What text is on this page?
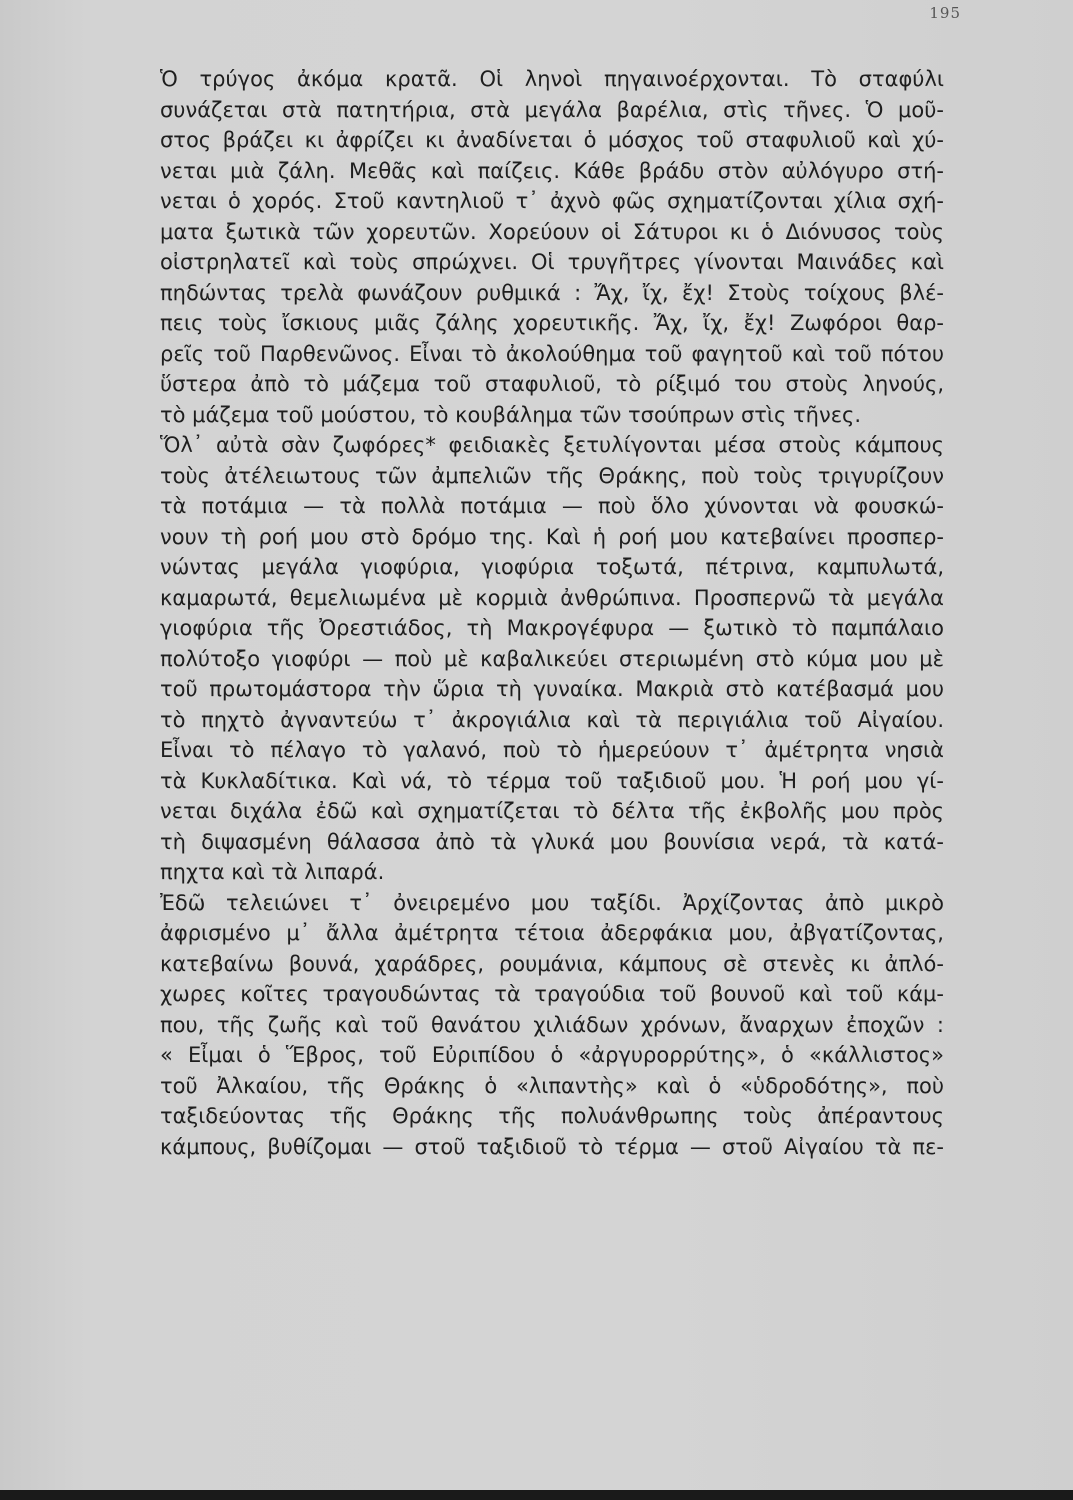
195

Ὁ τρύγος ἀκόμα κρατᾶ. Οἱ ληνοὶ πηγαινοέρχονται. Τὸ σταφύλι
συνάζεται στὰ πατητήρια, στὰ μεγάλα βαρέλια, στὶς τῆνες. Ὁ μοῦ-
στος βράζει κι ἀφρίζει κι ἀναδίνεται ὁ μόσχος τοῦ σταφυλιοῦ καὶ χύ-
νεται μιὰ ζάλη. Μεθᾶς καὶ παίζεις. Κάθε βράδυ στὸν αὐλόγυρο στή-
νεται ὁ χορός. Στοῦ καντηλιοῦ τ᾽ ἀχνὸ φῶς σχηματίζονται χίλια σχή-
ματα ξωτικὰ τῶν χορευτῶν. Χορεύουν οἱ Σάτυροι κι ὁ Διόνυσος τοὺς
οἰστρηλατεῖ καὶ τοὺς σπρώχνει. Οἱ τρυγῆτρες γίνονται Μαινάδες καὶ
πηδώντας τρελὰ φωνάζουν ρυθμικά : Ἄχ, ἴχ, ἔχ! Στοὺς τοίχους βλέ-
πεις τοὺς ἴσκιους μιᾶς ζάλης χορευτικῆς. Ἄχ, ἴχ, ἔχ! Ζωφόροι θαρ-
ρεῖς τοῦ Παρθενῶνος. Εἶναι τὸ ἀκολούθημα τοῦ φαγητοῦ καὶ τοῦ πότου
ὕστερα ἀπὸ τὸ μάζεμα τοῦ σταφυλιοῦ, τὸ ρίξιμό του στοὺς ληνούς,
τὸ μάζεμα τοῦ μούστου, τὸ κουβάλημα τῶν τσούπρων στὶς τῆνες.

Ὅλ᾽ αὐτὰ σὰν ζωφόρες* φειδιακὲς ξετυλίγονται μέσα στοὺς κάμπους
τοὺς ἀτέλειωτους τῶν ἀμπελιῶν τῆς Θράκης, ποὺ τοὺς τριγυρίζουν
τὰ ποτάμια — τὰ πολλὰ ποτάμια — ποὺ ὅλο χύνονται νὰ φουσκώ-
νουν τὴ ροή μου στὸ δρόμο της. Καὶ ἡ ροή μου κατεβαίνει προσπερ-
νώντας μεγάλα γιοφύρια, γιοφύρια τοξωτά, πέτρινα, καμπυλωτά,
καμαρωτά, θεμελιωμένα μὲ κορμιὰ ἀνθρώπινα. Προσπερνῶ τὰ μεγάλα
γιοφύρια τῆς Ὀρεστιάδος, τὴ Μακρογέφυρα — ξωτικὸ τὸ παμπάλαιο
πολύτοξο γιοφύρι — ποὺ μὲ καβαλικεύει στεριωμένη στὸ κύμα μου μὲ
τοῦ πρωτομάστορα τὴν ὥρια τὴ γυναίκα. Μακριὰ στὸ κατέβασμά μου
τὸ πηχτὸ ἀγναντεύω τ᾽ ἀκρογιάλια καὶ τὰ περιγιάλια τοῦ Αἰγαίου.
Εἶναι τὸ πέλαγο τὸ γαλανό, ποὺ τὸ ἡμερεύουν τ᾽ ἀμέτρητα νησιὰ
τὰ Κυκλαδίτικα. Καὶ νά, τὸ τέρμα τοῦ ταξιδιοῦ μου. Ἡ ροή μου γί-
νεται διχάλα ἐδῶ καὶ σχηματίζεται τὸ δέλτα τῆς ἐκβολῆς μου πρὸς
τὴ διψασμένη θάλασσα ἀπὸ τὰ γλυκά μου βουνίσια νερά, τὰ κατά-
πηχτα καὶ τὰ λιπαρά.

Ἐδῶ τελειώνει τ᾽ ὀνειρεμένο μου ταξίδι. Ἀρχίζοντας ἀπὸ μικρὸ
ἀφρισμένο μ᾽ ἄλλα ἀμέτρητα τέτοια ἀδερφάκια μου, ἀβγατίζοντας,
κατεβαίνω βουνά, χαράδρες, ρουμάνια, κάμπους σὲ στενὲς κι ἀπλό-
χωρες κοῖτες τραγουδώντας τὰ τραγούδια τοῦ βουνοῦ καὶ τοῦ κάμ-
που, τῆς ζωῆς καὶ τοῦ θανάτου χιλιάδων χρόνων, ἄναρχων ἐποχῶν :
« Εἶμαι ὁ Ἕβρος, τοῦ Εὐριπίδου ὁ «ἀργυρορρύτης», ὁ «κάλλιστος»
τοῦ Ἀλκαίου, τῆς Θράκης ὁ «λιπαντὴς» καὶ ὁ «ὑδροδότης», ποὺ
ταξιδεύοντας τῆς Θράκης τῆς πολυάνθρωπης τοὺς ἀπέραντους
κάμπους, βυθίζομαι — στοῦ ταξιδιοῦ τὸ τέρμα — στοῦ Αἰγαίου τὰ πε-
